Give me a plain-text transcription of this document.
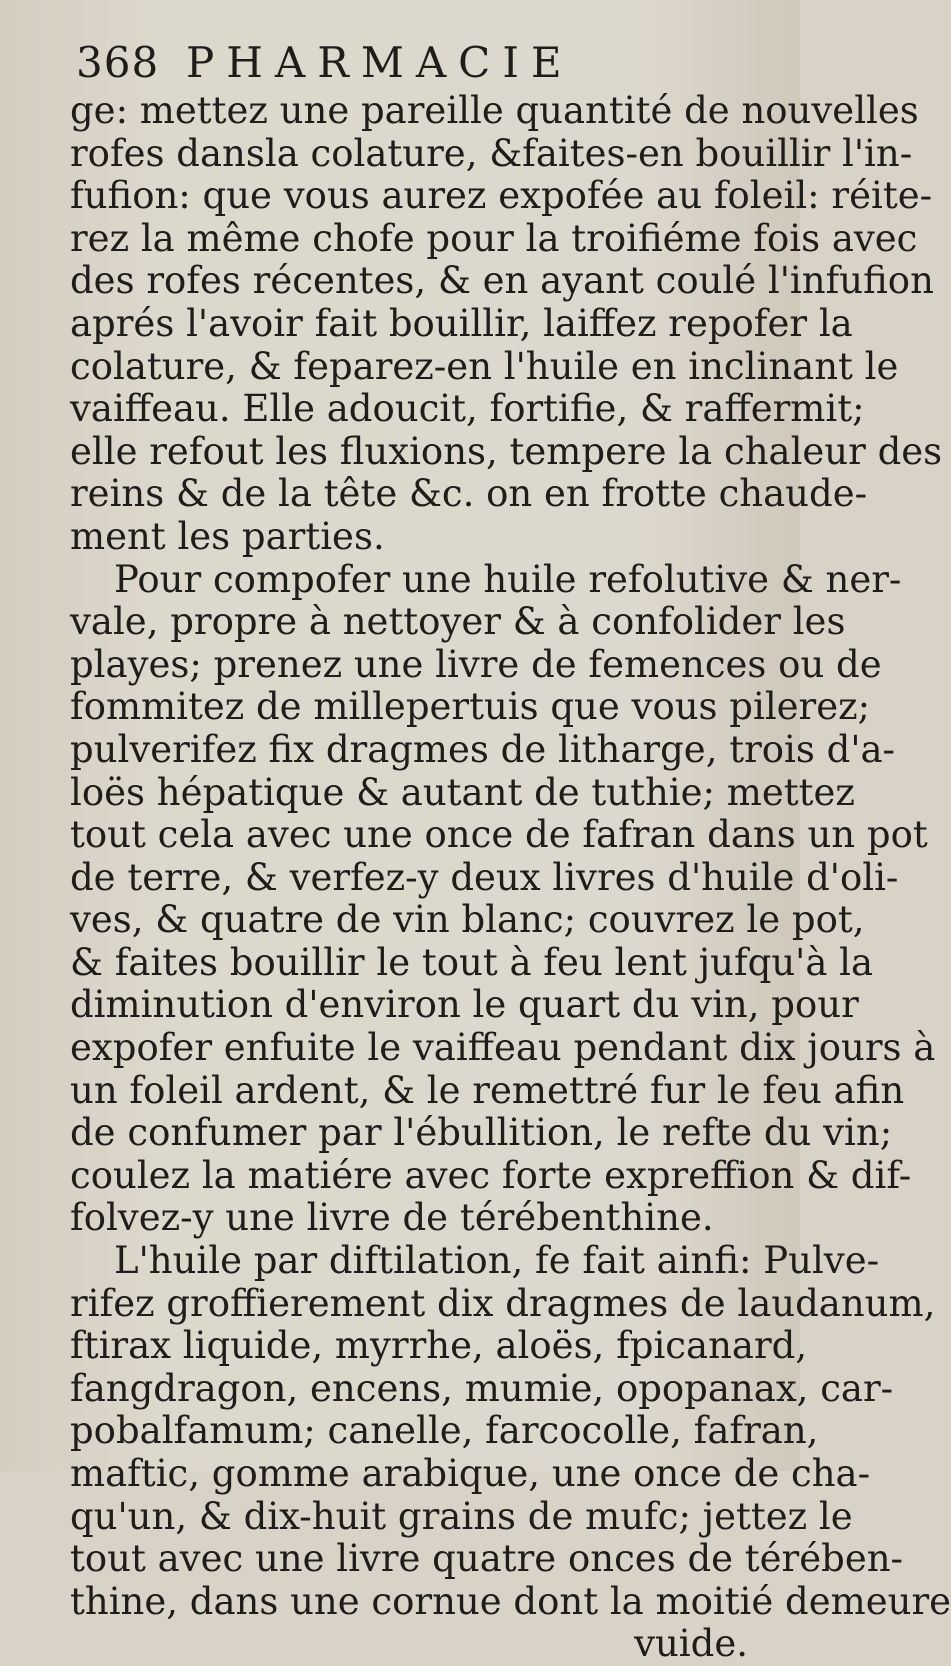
368 PHARMACIE
ge: mettez une pareille quantité de nouvelles
rofes dansla colature, &faites-en bouillir l'in-
fufion: que vous aurez expofée au foleil: réite-
rez la même chofe pour la troifiéme fois avec
des rofes récentes, & en ayant coulé l'infufion
aprés l'avoir fait bouillir, laiffez repofer la
colature, & feparez-en l'huile en inclinant le
vaiffeau. Elle adoucit, fortifie, & raffermit;
elle refout les fluxions, tempere la chaleur des
reins & de la tête &c. on en frotte chaude-
ment les parties.
Pour compofer une huile refolutive & ner-
vale, propre à nettoyer & à confolider les
playes; prenez une livre de femences ou de
fommitez de millepertuis que vous pilerez;
pulverifez fix dragmes de litharge, trois d'a-
loës hépatique & autant de tuthie; mettez
tout cela avec une once de fafran dans un pot
de terre, & verfez-y deux livres d'huile d'oli-
ves, & quatre de vin blanc; couvrez le pot,
& faites bouillir le tout à feu lent jufqu'à la
diminution d'environ le quart du vin, pour
expofer enfuite le vaiffeau pendant dix jours à
un foleil ardent, & le remettré fur le feu afin
de confumer par l'ébullition, le refte du vin;
coulez la matiére avec forte expreffion & dif-
folvez-y une livre de térébenthine.
L'huile par diftilation, fe fait ainfi: Pulve-
rifez groffierement dix dragmes de laudanum,
ftirax liquide, myrrhe, aloës, fpicanard,
fangdragon, encens, mumie, opopanax, car-
pobalfamum; canelle, farcocolle, fafran,
maftic, gomme arabique, une once de cha-
qu'un, & dix-huit grains de mufc; jettez le
tout avec une livre quatre onces de térében-
thine, dans une cornue dont la moitié demeure
vuide.
